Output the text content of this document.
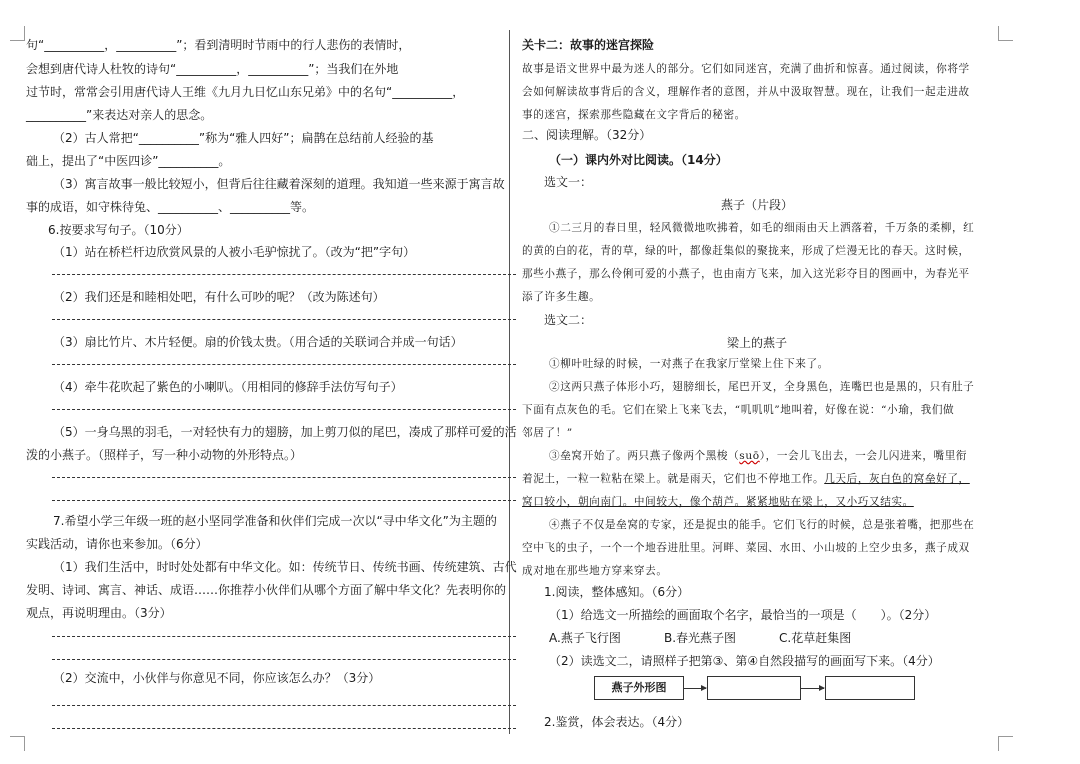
句“__________，__________”；看到清明时节雨中的行人悲伤的表情时，
会想到唐代诗人杜牧的诗句“__________，__________”；当我们在外地
过节时，常常会引用唐代诗人王维《九月九日忆山东兄弟》中的名句“__________，
__________”来表达对亲人的思念。
（2）古人常把“__________”称为“雅人四好”；扁鹊在总结前人经验的基
础上，提出了“中医四诊”__________。
（3）寓言故事一般比较短小，但背后往往藏着深刻的道理。我知道一些来源于寓言故
事的成语，如守株待兔、__________、__________等。
6.按要求写句子。（10分）
（1）站在桥栏杆边欣赏风景的人被小毛驴惊扰了。（改为“把”字句）
（2）我们还是和睦相处吧，有什么可吵的呢？（改为陈述句）
（3）扇比竹片、木片轻便。扇的价钱太贵。（用合适的关联词合并成一句话）
（4）牵牛花吹起了紫色的小喇叭。（用相同的修辞手法仿写句子）
（5）一身乌黑的羽毛，一对轻快有力的翅膀，加上剪刀似的尾巴，凑成了那样可爱的活
泼的小燕子。（照样子，写一种小动物的外形特点。）
7.希望小学三年级一班的赵小坚同学准备和伙伴们完成一次以“寻中华文化”为主题的
实践活动，请你也来参加。（6分）
（1）我们生活中，时时处处都有中华文化。如：传统节日、传统书画、传统建筑、古代
发明、诗词、寓言、神话、成语……你推荐小伙伴们从哪个方面了解中华文化？先表明你的
观点，再说明理由。（3分）
（2）交流中，小伙伴与你意见不同，你应该怎么办？（3分）
关卡二：故事的迷宫探险
故事是语文世界中最为迷人的部分。它们如同迷宫，充满了曲折和惊喜。通过阅读，你将学
会如何解读故事背后的含义，理解作者的意图，并从中汲取智慧。现在，让我们一起走进故
事的迷宫，探索那些隐藏在文字背后的秘密。
二、阅读理解。（32分）
（一）课内外对比阅读。（14分）
选文一：
燕子（片段）
①二三月的春日里，轻风微微地吹拂着，如毛的细雨由天上洒落着，千万条的柔柳，红
的黄的白的花，青的草，绿的叶，都像赶集似的聚拢来，形成了烂漫无比的春天。这时候，
那些小燕子，那么伶俐可爱的小燕子，也由南方飞来，加入这光彩夺目的图画中，为春光平
添了许多生趣。
选文二：
梁上的燕子
①柳叶吐绿的时候，一对燕子在我家厅堂梁上住下来了。
②这两只燕子体形小巧，翅膀细长，尾巴开叉，全身黑色，连嘴巴也是黑的，只有肚子
下面有点灰色的毛。它们在梁上飞来飞去，“叽叽叽”地叫着，好像在说：“小瑜，我们做
邻居了！”
③垒窝开始了。两只燕子像两个黑梭（suō），一会儿飞出去，一会儿闪进来，嘴里衔
着泥土，一粒一粒粘在梁上。就是雨天，它们也不停地工作。几天后，灰白色的窝垒好了，
窝口较小，朝向南门。中间较大，像个葫芦。紧紧地贴在梁上，又小巧又结实。
④燕子不仅是垒窝的专家，还是捉虫的能手。它们飞行的时候，总是张着嘴，把那些在
空中飞的虫子，一个一个地吞进肚里。河畔、菜园、水田、小山坡的上空少虫多，燕子成双
成对地在那些地方穿来穿去。
1.阅读，整体感知。（6分）
（1）给选文一所描绘的画面取个名字，最恰当的一项是（　　）。（2分）
A.燕子飞行图	B.春光燕子图	C.花草赶集图
（2）读选文二，请照样子把第③、第④自然段描写的画面写下来。（4分）
燕子外形图
2.鉴赏，体会表达。（4分）
